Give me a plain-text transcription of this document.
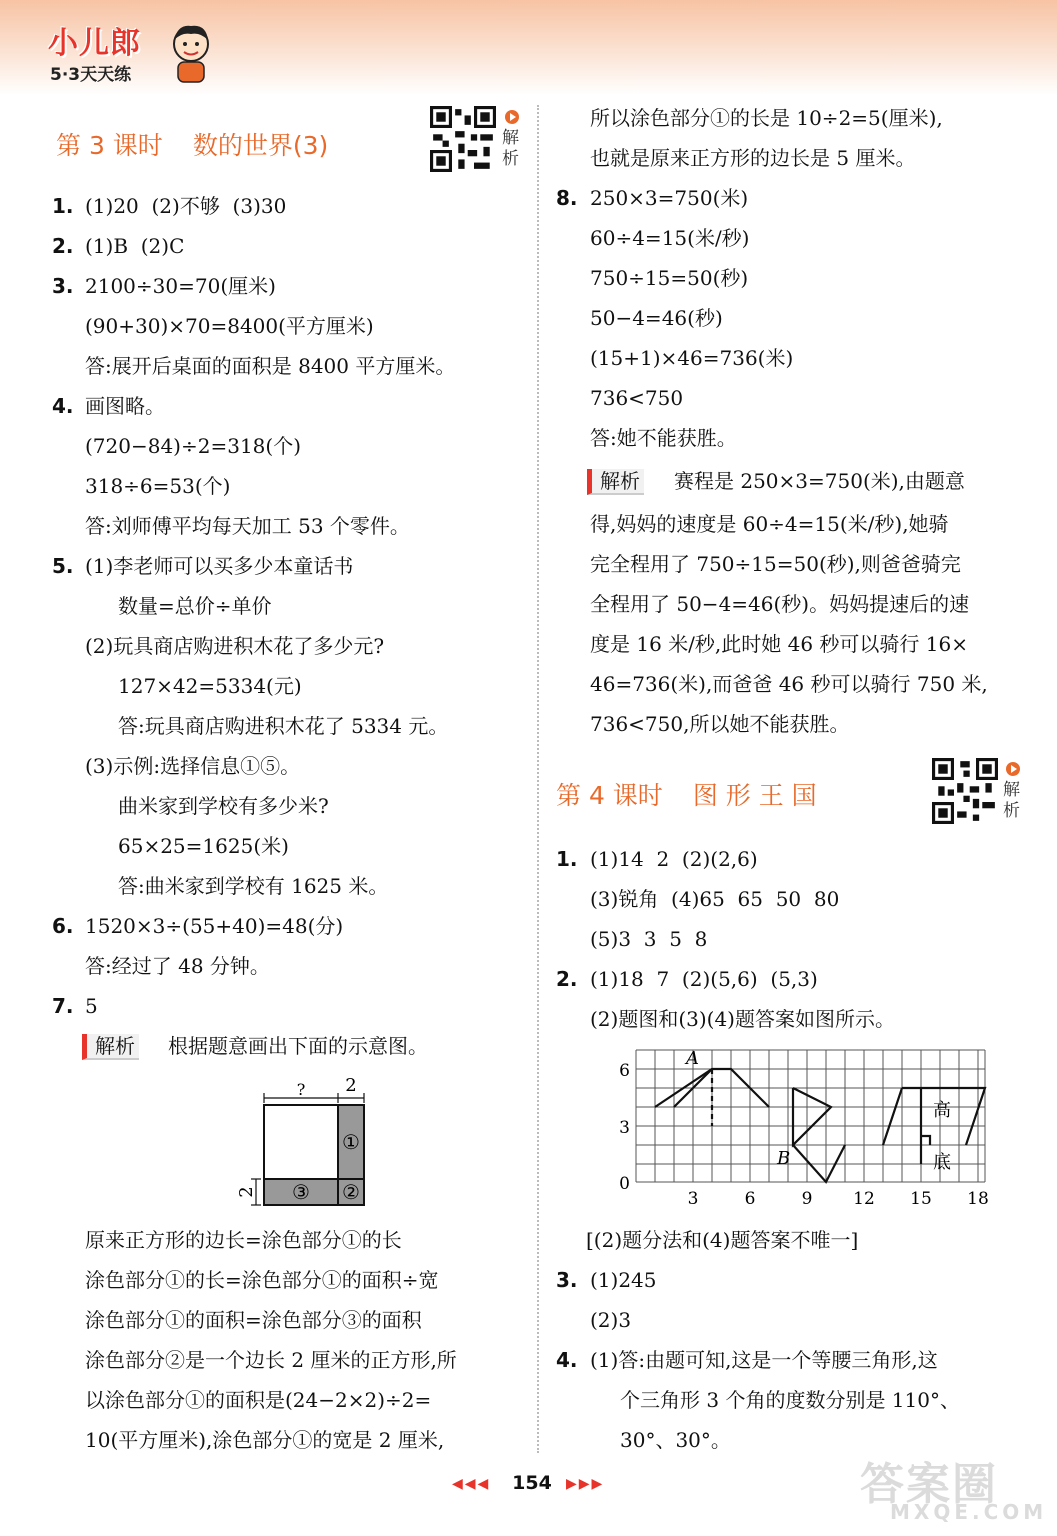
小儿郎
5·3天天练
第 3 课时 数的世界(3)	解析
1. (1)20  (2)不够  (3)30
2. (1)B  (2)C
3. 2100÷30=70(厘米)
(90+30)×70=8400(平方厘米)
答:展开后桌面的面积是 8400 平方厘米。
4. 画图略。
(720−84)÷2=318(个)
318÷6=53(个)
答:刘师傅平均每天加工 53 个零件。
5. (1)李老师可以买多少本童话书
数量=总价÷单价
(2)玩具商店购进积木花了多少元?
127×42=5334(元)
答:玩具商店购进积木花了 5334 元。
(3)示例:选择信息①⑤。
曲米家到学校有多少米?
65×25=1625(米)
答:曲米家到学校有 1625 米。
6. 1520×3÷(55+40)=48(分)
答:经过了 48 分钟。
7. 5
解析 根据题意画出下面的示意图。
? 2
2
①
②
③
原来正方形的边长=涂色部分①的长
涂色部分①的长=涂色部分①的面积÷宽
涂色部分①的面积=涂色部分③的面积
涂色部分②是一个边长 2 厘米的正方形,所
以涂色部分①的面积是(24−2×2)÷2=
10(平方厘米),涂色部分①的宽是 2 厘米,
所以涂色部分①的长是 10÷2=5(厘米),
也就是原来正方形的边长是 5 厘米。
8. 250×3=750(米)
60÷4=15(米/秒)
750÷15=50(秒)
50−4=46(秒)
(15+1)×46=736(米)
736<750
答:她不能获胜。
解析 赛程是 250×3=750(米),由题意
得,妈妈的速度是 60÷4=15(米/秒),她骑
完全程用了 750÷15=50(秒),则爸爸骑完
全程用了 50−4=46(秒)。妈妈提速后的速
度是 16 米/秒,此时她 46 秒可以骑行 16×
46=736(米),而爸爸 46 秒可以骑行 750 米,
736<750,所以她不能获胜。
第 4 课时 图 形 王 国	解析
1. (1)14  2  (2)(2,6)
(3)锐角  (4)65  65  50  80
(5)3  3  5  8
2. (1)18  7  (2)(5,6)  (5,3)
(2)题图和(3)(4)题答案如图所示。
A
B
高
底
6
3
0
3	6	9 12 15 18
[(2)题分法和(4)题答案不唯一]
3. (1)245
(2)3
4. (1)答:由题可知,这是一个等腰三角形,这
个三角形 3 个角的度数分别是 110°、
30°、30°。
◀◀◀	154	▶▶▶	答案圈
MXQE.COM
